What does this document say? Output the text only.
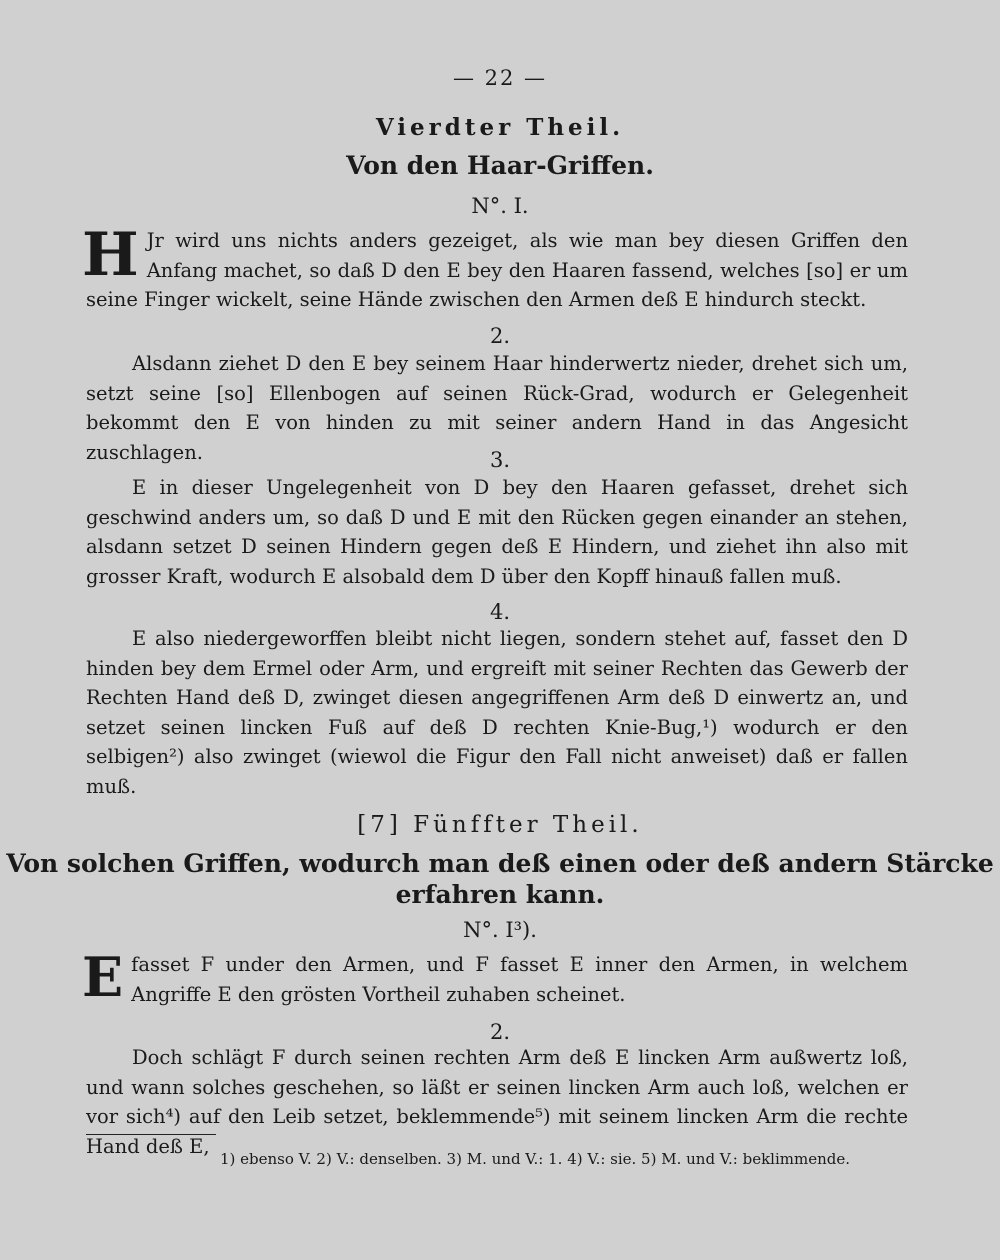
— 22 —
Vierdter Theil.
Von den Haar-Griffen.
N°. I.
H Jr wird uns nichts anders gezeiget, als wie man bey diesen Griffen den Anfang machet, so daß D den E bey den Haaren fassend, welches [so] er um seine Finger wickelt, seine Hände zwischen den Armen deß E hindurch steckt.
2.
Alsdann ziehet D den E bey seinem Haar hinderwertz nieder, drehet sich um, setzt seine [so] Ellenbogen auf seinen Rück-Grad, wodurch er Gelegenheit bekommt den E von hinden zu mit seiner andern Hand in das Angesicht zuschlagen.	3.
E in dieser Ungelegenheit von D bey den Haaren gefasset, drehet sich geschwind anders um, so daß D und E mit den Rücken gegen einander an stehen, alsdann setzet D seinen Hindern gegen deß E Hindern, und ziehet ihn also mit grosser Kraft, wodurch E alsobald dem D über den Kopff hinauß fallen muß.
4.
E also niedergeworffen bleibt nicht liegen, sondern stehet auf, fasset den D hinden bey dem Ermel oder Arm, und ergreift mit seiner Rechten das Gewerb der Rechten Hand deß D, zwinget diesen angegriffenen Arm deß D einwertz an, und setzet seinen lincken Fuß auf deß D rechten Knie-Bug,¹) wodurch er den selbigen²) also zwinget (wiewol die Figur den Fall nicht anweiset) daß er fallen muß.
[7] Fünffter Theil.
Von solchen Griffen, wodurch man deß einen oder deß andern Stärcke
erfahren kann.
N°. I³).
E fasset F under den Armen, und F fasset E inner den Armen, in welchem Angriffe E den grösten Vortheil zuhaben scheinet.
2.
Doch schlägt F durch seinen rechten Arm deß E lincken Arm außwertz loß, und wann solches geschehen, so läßt er seinen lincken Arm auch loß, welchen er vor sich⁴) auf den Leib setzet, beklemmende⁵) mit seinem lincken Arm die rechte Hand deß E,
1) ebenso V. 2) V.: denselben. 3) M. und V.: 1. 4) V.: sie. 5) M. und V.: beklimmende.
